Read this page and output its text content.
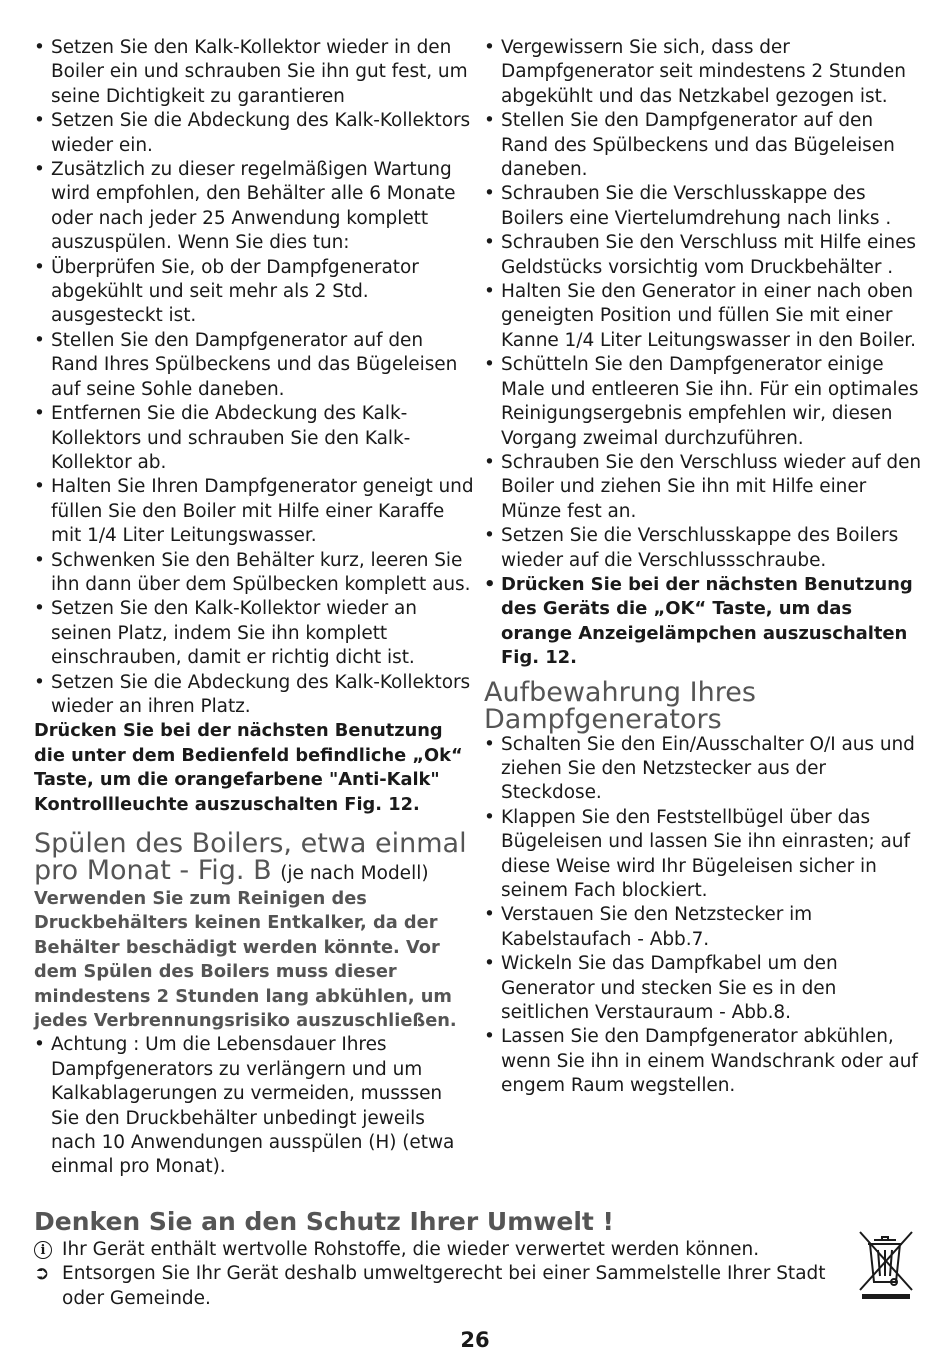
• Setzen Sie den Kalk-Kollektor wieder in den Boiler ein und schrauben Sie ihn gut fest, um seine Dichtigkeit zu garantieren
• Setzen Sie die Abdeckung des Kalk-Kollektors wieder ein.
• Zusätzlich zu dieser regelmäßigen Wartung wird empfohlen, den Behälter alle 6 Monate oder nach jeder 25 Anwendung komplett auszuspülen. Wenn Sie dies tun:
• Überprüfen Sie, ob der Dampfgenerator abgekühlt und seit mehr als 2 Std. ausgesteckt ist.
• Stellen Sie den Dampfgenerator auf den Rand Ihres Spülbeckens und das Bügeleisen auf seine Sohle daneben.
• Entfernen Sie die Abdeckung des Kalk-Kollektors und schrauben Sie den Kalk-Kollektor ab.
• Halten Sie Ihren Dampfgenerator geneigt und füllen Sie den Boiler mit Hilfe einer Karaffe mit 1/4 Liter Leitungswasser.
• Schwenken Sie den Behälter kurz, leeren Sie ihn dann über dem Spülbecken komplett aus.
• Setzen Sie den Kalk-Kollektor wieder an seinen Platz, indem Sie ihn komplett einschrauben, damit er richtig dicht ist.
• Setzen Sie die Abdeckung des Kalk-Kollektors wieder an ihren Platz.

Drücken Sie bei der nächsten Benutzung die unter dem Bedienfeld befindliche „Ok“ Taste, um die orangefarbene "Anti-Kalk" Kontrollleuchte auszuschalten Fig. 12.

Spülen des Boilers, etwa einmal pro Monat - Fig. B (je nach Modell)

Verwenden Sie zum Reinigen des Druckbehälters keinen Entkalker, da der Behälter beschädigt werden könnte. Vor dem Spülen des Boilers muss dieser mindestens 2 Stunden lang abkühlen, um jedes Verbrennungsrisiko auszuschließen.

• Achtung : Um die Lebensdauer Ihres Dampfgenerators zu verlängern und um Kalkablagerungen zu vermeiden, musssen Sie den Druckbehälter unbedingt jeweils nach 10 Anwendungen ausspülen (H) (etwa einmal pro Monat).
• Vergewissern Sie sich, dass der Dampfgenerator seit mindestens 2 Stunden abgekühlt und das Netzkabel gezogen ist.
• Stellen Sie den Dampfgenerator auf den Rand des Spülbeckens und das Bügeleisen daneben.
• Schrauben Sie die Verschlusskappe des Boilers eine Viertelumdrehung nach links .
• Schrauben Sie den Verschluss mit Hilfe eines Geldstücks vorsichtig vom Druckbehälter .
• Halten Sie den Generator in einer nach oben geneigten Position und füllen Sie mit einer Kanne 1/4 Liter Leitungswasser in den Boiler.
• Schütteln Sie den Dampfgenerator einige Male und entleeren Sie ihn. Für ein optimales Reinigungsergebnis empfehlen wir, diesen Vorgang zweimal durchzuführen.
• Schrauben Sie den Verschluss wieder auf den Boiler und ziehen Sie ihn mit Hilfe einer Münze fest an.
• Setzen Sie die Verschlusskappe des Boilers wieder auf die Verschlussschraube.
• Drücken Sie bei der nächsten Benutzung des Geräts die „OK“ Taste, um das orange Anzeigelämpchen auszuschalten Fig. 12.
Aufbewahrung Ihres Dampfgenerators
• Schalten Sie den Ein/Ausschalter O/I aus und ziehen Sie den Netzstecker aus der Steckdose.
• Klappen Sie den Feststellbügel über das Bügeleisen und lassen Sie ihn einrasten; auf diese Weise wird Ihr Bügeleisen sicher in seinem Fach blockiert.
• Verstauen Sie den Netzstecker im Kabelstaufach - Abb.7.
• Wickeln Sie das Dampfkabel um den Generator und stecken Sie es in den seitlichen Verstauraum - Abb.8.
• Lassen Sie den Dampfgenerator abkühlen, wenn Sie ihn in einem Wandschrank oder auf engem Raum wegstellen.
Denken Sie an den Schutz Ihrer Umwelt !
i Ihr Gerät enthält wertvolle Rohstoffe, die wieder verwertet werden können.
➲ Entsorgen Sie Ihr Gerät deshalb umweltgerecht bei einer Sammelstelle Ihrer Stadt oder Gemeinde.
26
